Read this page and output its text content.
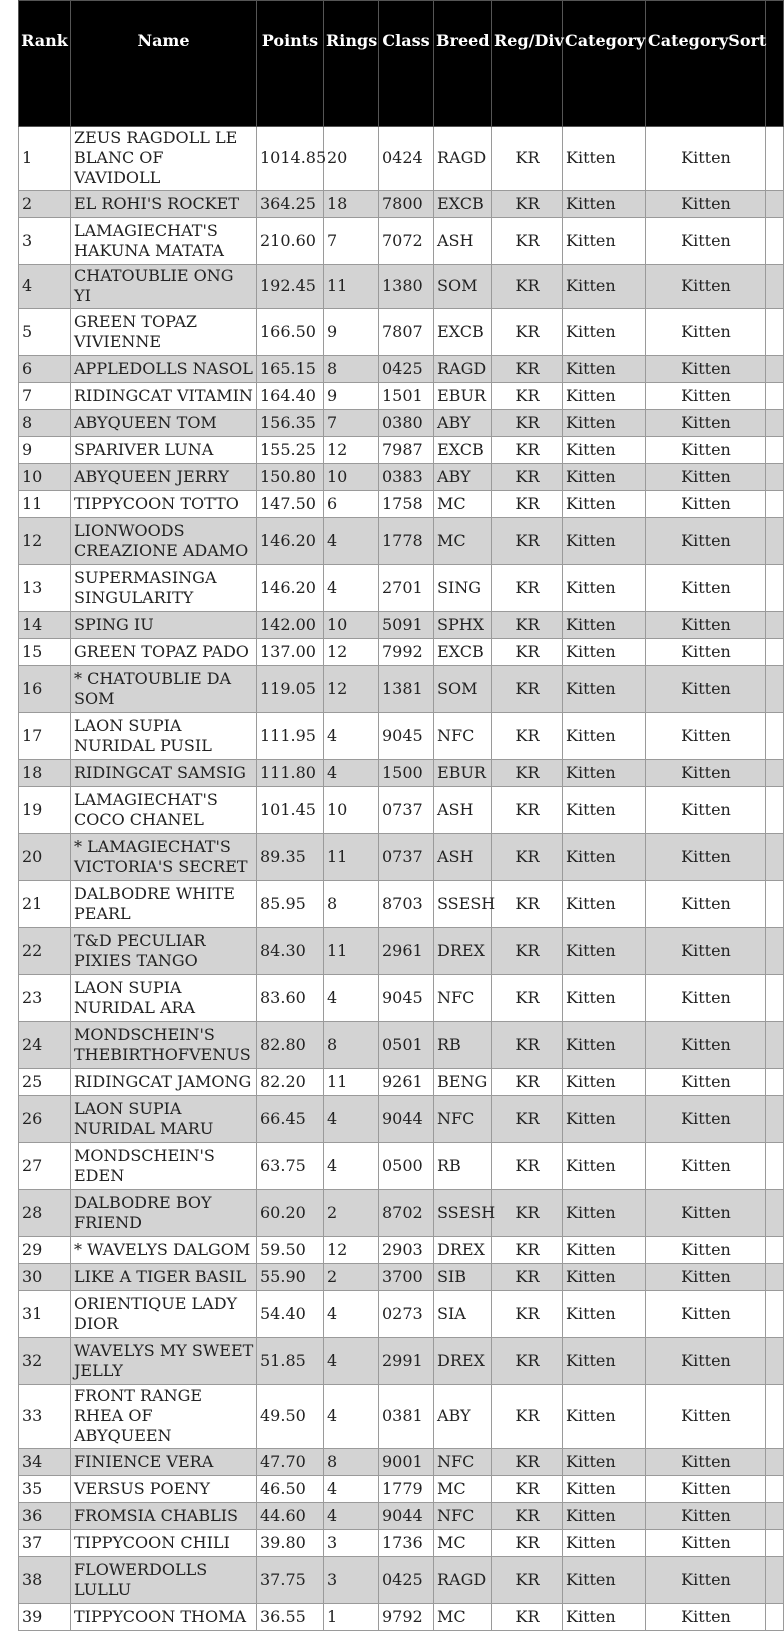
Rank	Name	Points	Rings	Class	Breed	Reg/Div	Category	CategorySort	
1	ZEUS RAGDOLL LE BLANC OF VAVIDOLL	1014.85	20	0424	RAGD	KR	Kitten	Kitten	
2	EL ROHI'S ROCKET	364.25	18	7800	EXCB	KR	Kitten	Kitten	
3	LAMAGIECHAT'S HAKUNA MATATA	210.60	7	7072	ASH	KR	Kitten	Kitten	
4	CHATOUBLIE ONG YI	192.45	11	1380	SOM	KR	Kitten	Kitten	
5	GREEN TOPAZ VIVIENNE	166.50	9	7807	EXCB	KR	Kitten	Kitten	
6	APPLEDOLLS NASOL	165.15	8	0425	RAGD	KR	Kitten	Kitten	
7	RIDINGCAT VITAMIN	164.40	9	1501	EBUR	KR	Kitten	Kitten	
8	ABYQUEEN TOM	156.35	7	0380	ABY	KR	Kitten	Kitten	
9	SPARIVER LUNA	155.25	12	7987	EXCB	KR	Kitten	Kitten	
10	ABYQUEEN JERRY	150.80	10	0383	ABY	KR	Kitten	Kitten	
11	TIPPYCOON TOTTO	147.50	6	1758	MC	KR	Kitten	Kitten	
12	LIONWOODS CREAZIONE ADAMO	146.20	4	1778	MC	KR	Kitten	Kitten	
13	SUPERMASINGA SINGULARITY	146.20	4	2701	SING	KR	Kitten	Kitten	
14	SPING IU	142.00	10	5091	SPHX	KR	Kitten	Kitten	
15	GREEN TOPAZ PADO	137.00	12	7992	EXCB	KR	Kitten	Kitten	
16	* CHATOUBLIE DA SOM	119.05	12	1381	SOM	KR	Kitten	Kitten	
17	LAON SUPIA NURIDAL PUSIL	111.95	4	9045	NFC	KR	Kitten	Kitten	
18	RIDINGCAT SAMSIG	111.80	4	1500	EBUR	KR	Kitten	Kitten	
19	LAMAGIECHAT'S COCO CHANEL	101.45	10	0737	ASH	KR	Kitten	Kitten	
20	* LAMAGIECHAT'S VICTORIA'S SECRET	89.35	11	0737	ASH	KR	Kitten	Kitten	
21	DALBODRE WHITE PEARL	85.95	8	8703	SSESH	KR	Kitten	Kitten	
22	T&D PECULIAR PIXIES TANGO	84.30	11	2961	DREX	KR	Kitten	Kitten	
23	LAON SUPIA NURIDAL ARA	83.60	4	9045	NFC	KR	Kitten	Kitten	
24	MONDSCHEIN'S THEBIRTHOFVENUS	82.80	8	0501	RB	KR	Kitten	Kitten	
25	RIDINGCAT JAMONG	82.20	11	9261	BENG	KR	Kitten	Kitten	
26	LAON SUPIA NURIDAL MARU	66.45	4	9044	NFC	KR	Kitten	Kitten	
27	MONDSCHEIN'S EDEN	63.75	4	0500	RB	KR	Kitten	Kitten	
28	DALBODRE BOY FRIEND	60.20	2	8702	SSESH	KR	Kitten	Kitten	
29	* WAVELYS DALGOM	59.50	12	2903	DREX	KR	Kitten	Kitten	
30	LIKE A TIGER BASIL	55.90	2	3700	SIB	KR	Kitten	Kitten	
31	ORIENTIQUE LADY DIOR	54.40	4	0273	SIA	KR	Kitten	Kitten	
32	WAVELYS MY SWEET JELLY	51.85	4	2991	DREX	KR	Kitten	Kitten	
33	FRONT RANGE RHEA OF ABYQUEEN	49.50	4	0381	ABY	KR	Kitten	Kitten	
34	FINIENCE VERA	47.70	8	9001	NFC	KR	Kitten	Kitten	
35	VERSUS POENY	46.50	4	1779	MC	KR	Kitten	Kitten	
36	FROMSIA CHABLIS	44.60	4	9044	NFC	KR	Kitten	Kitten	
37	TIPPYCOON CHILI	39.80	3	1736	MC	KR	Kitten	Kitten	
38	FLOWERDOLLS LULLU	37.75	3	0425	RAGD	KR	Kitten	Kitten	
39	TIPPYCOON THOMA	36.55	1	9792	MC	KR	Kitten	Kitten	
